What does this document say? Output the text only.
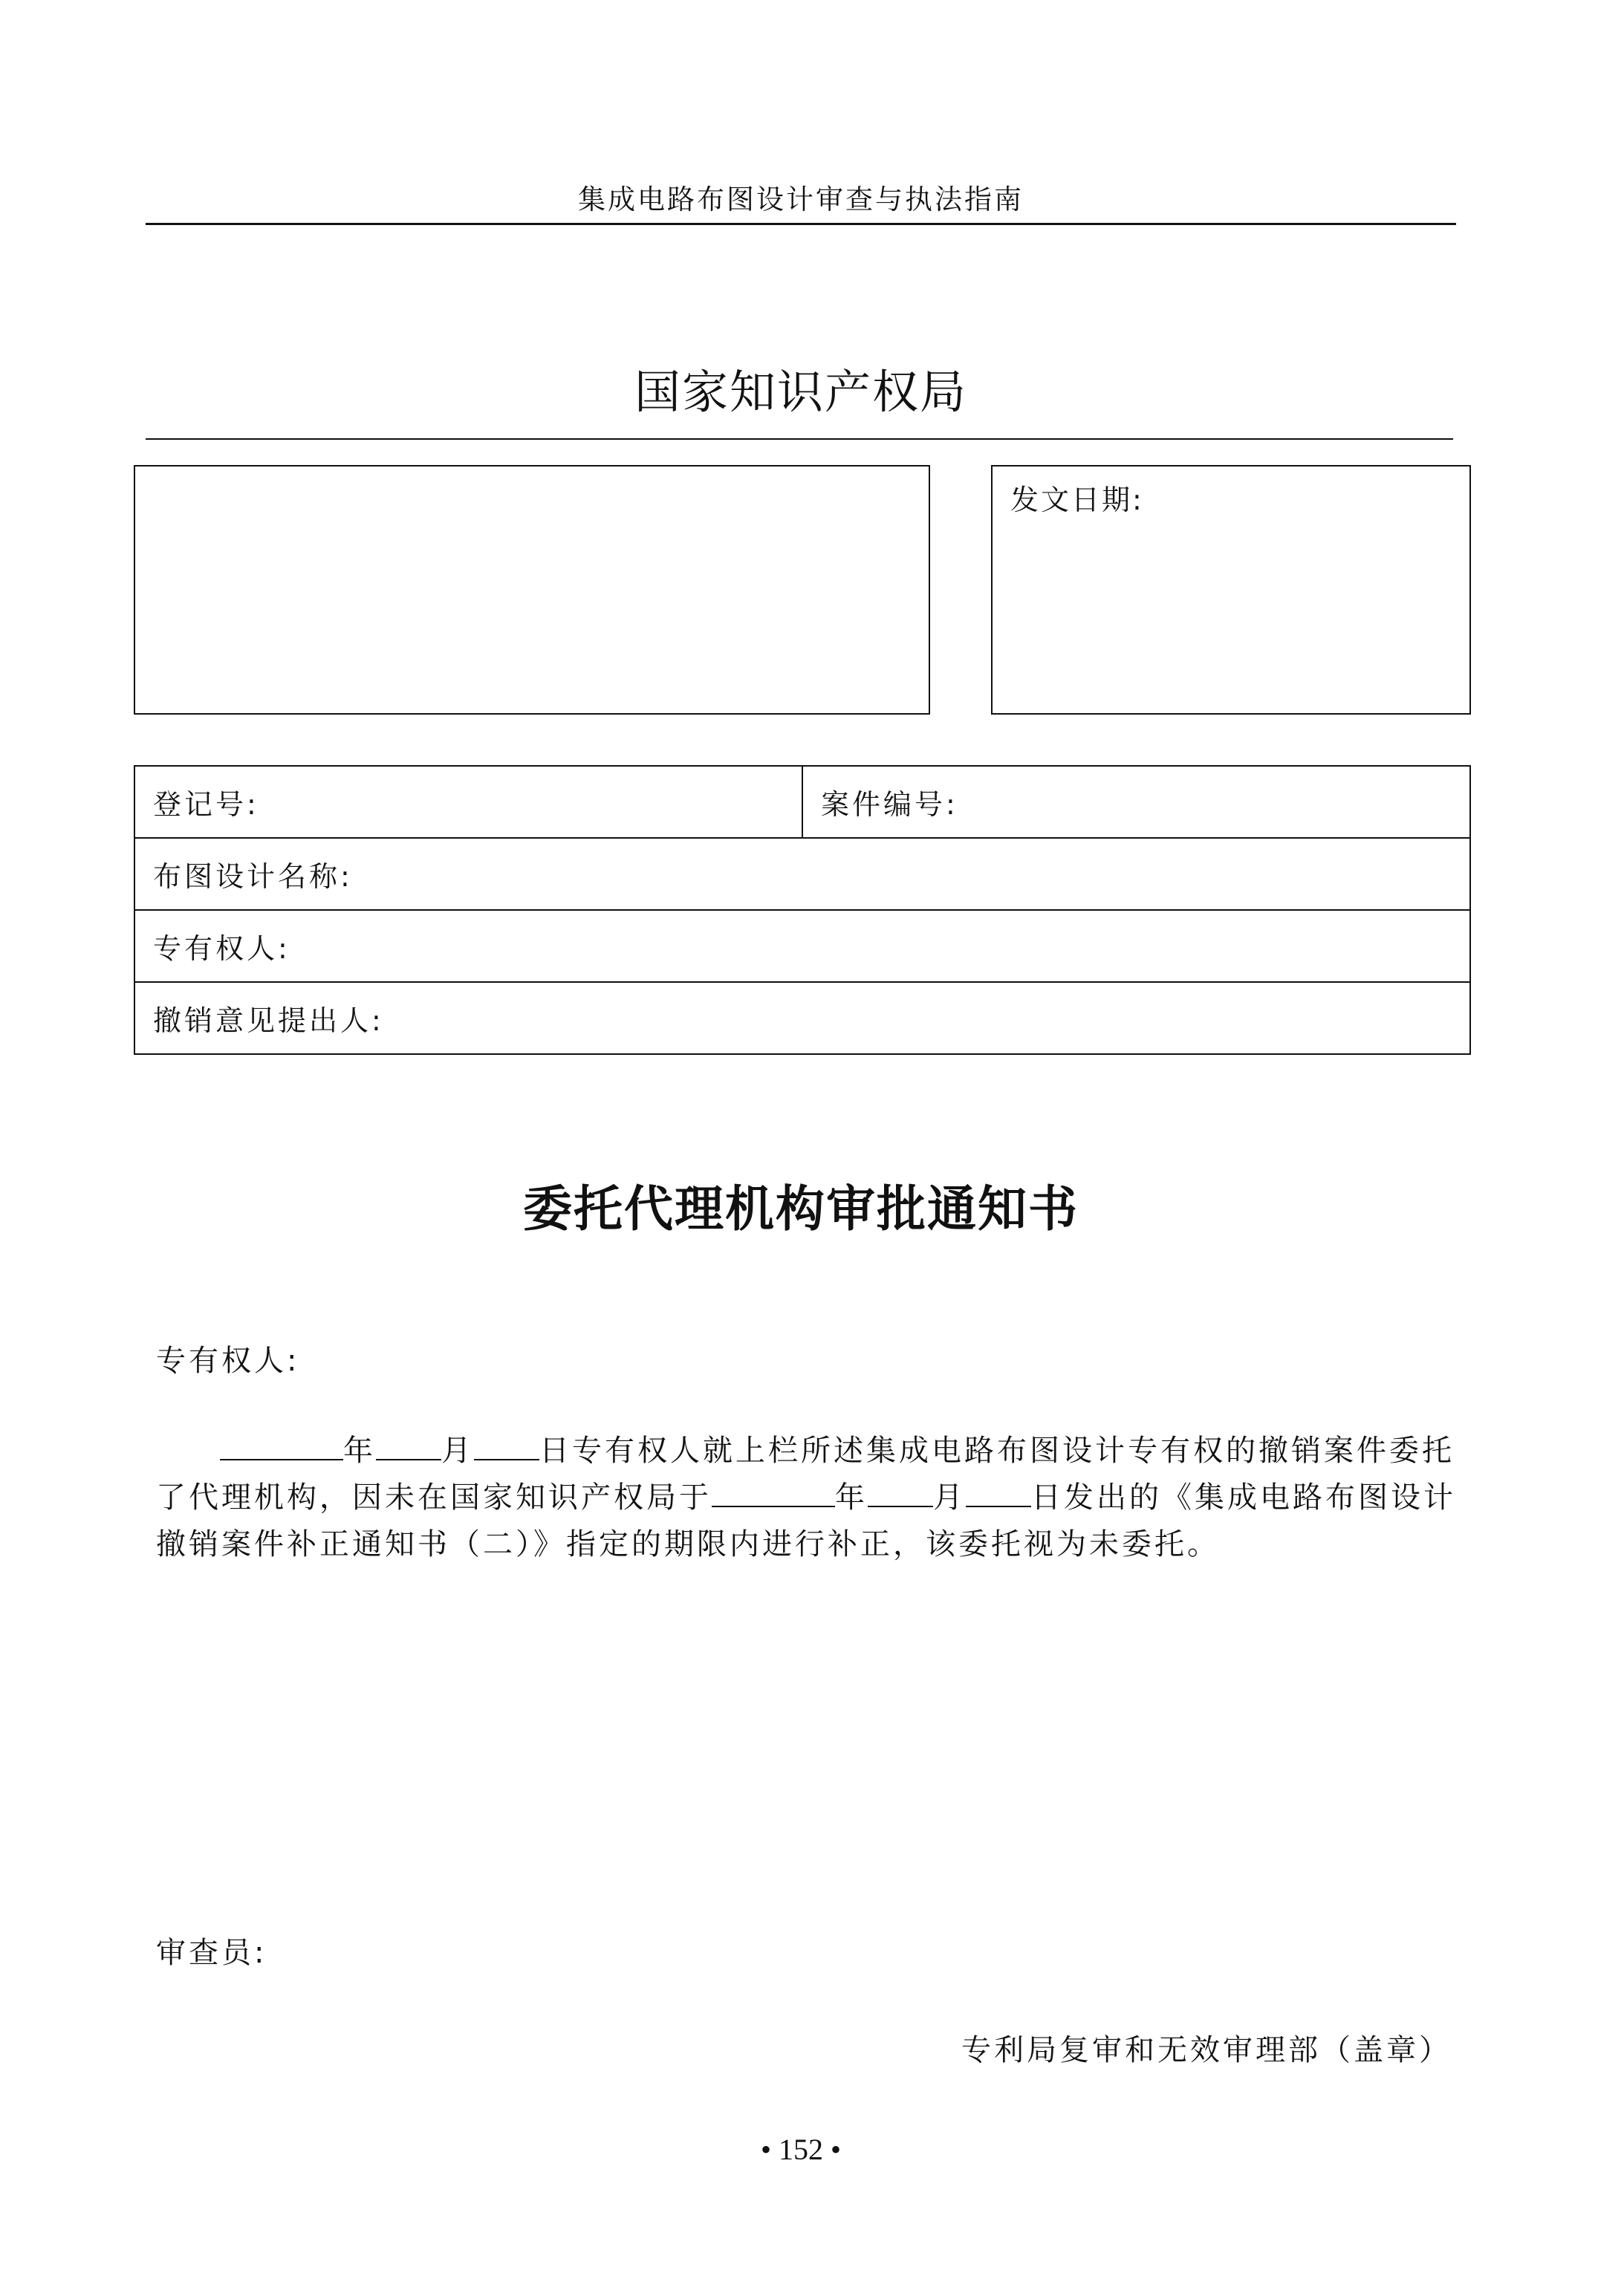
集成电路布图设计审查与执法指南
国家知识产权局
发文日期:
登记号:	案件编号:
布图设计名称:
专有权人:
撤销意见提出人:
委托代理机构审批通知书
专有权人:
年 月 日专有权人就上栏所述集成电路布图设计专有权的撤销案件委托了代理机构，因未在国家知识产权局于	年 月 日发出的《集成电路布图设计撤销案件补正通知书（二）》指定的期限内进行补正，该委托视为未委托。
审查员:
专利局复审和无效审理部（盖章）
• 152 •
